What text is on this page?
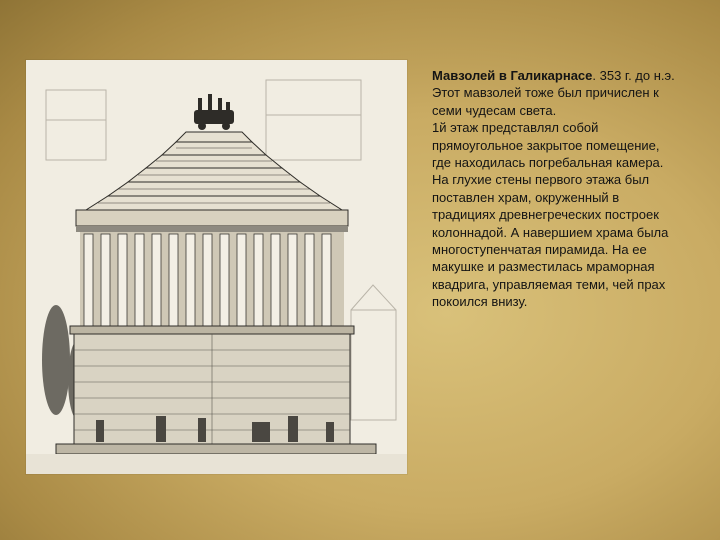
Мавзолей в Галикарнасе. 353 г. до н.э. Этот мавзолей тоже был причислен к семи чудесам света.

1й этаж представлял собой прямоугольное закрытое помещение, где находилась погребальная камера. На глухие стены первого этажа был поставлен храм, окруженный в традициях древнегреческих построек колоннадой. А навершием храма была многоступенчатая пирамида. На ее макушке и разместилась мраморная квадрига, управляемая теми, чей прах покоился внизу.
